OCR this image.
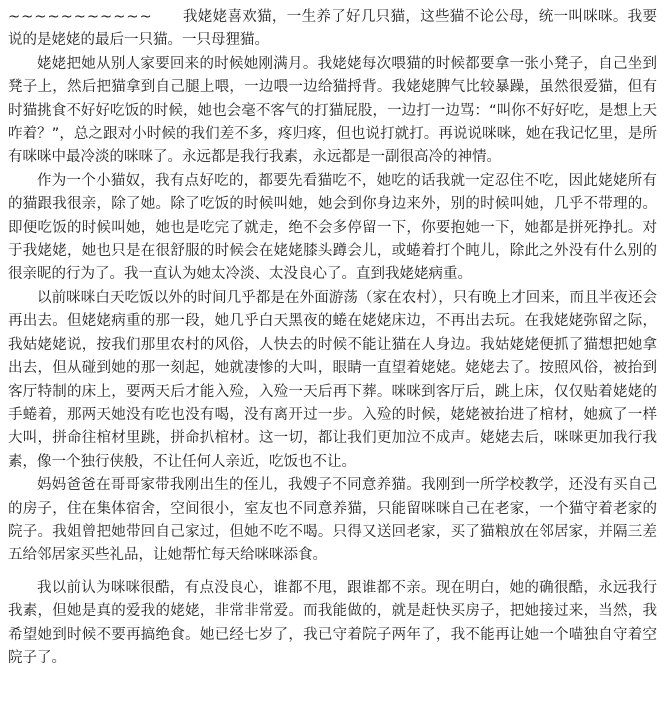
~~~~~~~~~~~ 我姥姥喜欢猫，一生养了好几只猫，这些猫不论公母，统一叫咪咪。我要说的是姥姥的最后一只猫。一只母狸猫。

姥姥把她从别人家要回来的时候她刚满月。我姥姥每次喂猫的时候都要拿一张小凳子，自己坐到凳子上，然后把猫拿到自己腿上喂，一边喂一边给猫捋背。我姥姥脾气比较暴躁，虽然很爱猫，但有时猫挑食不好好吃饭的时候，她也会毫不客气的打猫屁股，一边打一边骂：“叫你不好好吃，是想上天咋着？”，总之跟对小时候的我们差不多，疼归疼，但也说打就打。再说说咪咪，她在我记忆里，是所有咪咪中最冷淡的咪咪了。永远都是我行我素，永远都是一副很高冷的神情。

作为一个小猫奴，我有点好吃的，都要先看猫吃不，她吃的话我就一定忍住不吃，因此姥姥所有的猫跟我很亲，除了她。除了吃饭的时候叫她，她会到你身边来外，别的时候叫她，几乎不带理的。即便吃饭的时候叫她，她也是吃完了就走，绝不会多停留一下，你要抱她一下，她都是拼死挣扎。对于我姥姥，她也只是在很舒服的时候会在姥姥膝头蹲会儿，或蜷着打个盹儿，除此之外没有什么别的很亲昵的行为了。我一直认为她太冷淡、太没良心了。直到我姥姥病重。

以前咪咪白天吃饭以外的时间几乎都是在外面游荡（家在农村），只有晚上才回来，而且半夜还会再出去。但姥姥病重的那一段，她几乎白天黑夜的蜷在姥姥床边，不再出去玩。在我姥姥弥留之际，我姑姥姥说，按我们那里农村的风俗，人快去的时候不能让猫在人身边。我姑姥姥便抓了猫想把她拿出去，但从碰到她的那一刻起，她就凄惨的大叫，眼睛一直望着姥姥。姥姥去了。按照风俗，被抬到客厅特制的床上，要两天后才能入殓，入殓一天后再下葬。咪咪到客厅后，跳上床，仅仅贴着姥姥的手蜷着，那两天她没有吃也没有喝，没有离开过一步。入殓的时候，姥姥被抬进了棺材，她疯了一样大叫，拼命往棺材里跳，拼命扒棺材。这一切，都让我们更加泣不成声。姥姥去后，咪咪更加我行我素，像一个独行侠般，不让任何人亲近，吃饭也不让。

妈妈爸爸在哥哥家带我刚出生的侄儿，我嫂子不同意养猫。我刚到一所学校教学，还没有买自己的房子，住在集体宿舍，空间很小，室友也不同意养猫，只能留咪咪自己在老家，一个猫守着老家的院子。我姐曾把她带回自己家过，但她不吃不喝。只得又送回老家，买了猫粮放在邻居家，并隔三差五给邻居家买些礼品，让她帮忙每天给咪咪添食。

我以前认为咪咪很酷，有点没良心，谁都不甩，跟谁都不亲。现在明白，她的确很酷，永远我行我素，但她是真的爱我的姥姥，非常非常爱。而我能做的，就是赶快买房子，把她接过来，当然，我希望她到时候不要再搞绝食。她已经七岁了，我已守着院子两年了，我不能再让她一个喵独自守着空院子了。
